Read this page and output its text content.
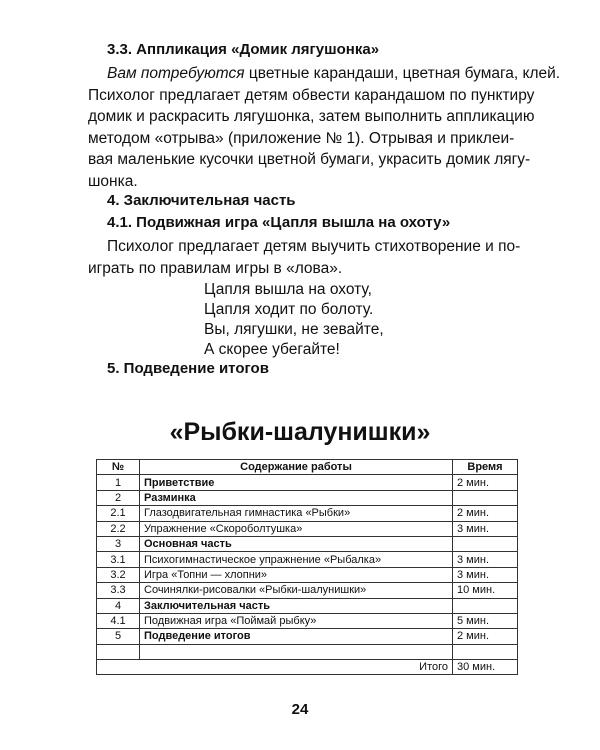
3.3. Аппликация «Домик лягушонка»
Вам потребуются цветные карандаши, цветная бумага, клей.
Психолог предлагает детям обвести карандашом по пунктиру
домик и раскрасить лягушонка, затем выполнить аппликацию
методом «отрыва» (приложение № 1). Отрывая и приклеи-
вая маленькие кусочки цветной бумаги, украсить домик лягу-
шонка.
4. Заключительная часть
4.1. Подвижная игра «Цапля вышла на охоту»
Психолог предлагает детям выучить стихотворение и по-
играть по правилам игры в «лова».
Цапля вышла на охоту,
Цапля ходит по болоту.
Вы, лягушки, не зевайте,
А скорее убегайте!
5. Подведение итогов
«Рыбки-шалунишки»
№	Содержание работы	Время
1	Приветствие	2 мин.
2	Разминка	
2.1	Глазодвигательная гимнастика «Рыбки»	2 мин.
2.2	Упражнение «Скороболтушка»	3 мин.
3	Основная часть	
3.1	Психогимнастическое упражнение «Рыбалка»	3 мин.
3.2	Игра «Топни — хлопни»	3 мин.
3.3	Сочинялки-рисовалки «Рыбки-шалунишки»	10 мин.
4	Заключительная часть	
4.1	Подвижная игра «Поймай рыбку»	5 мин.
5	Подведение итогов	2 мин.

Итого		30 мин.
24
